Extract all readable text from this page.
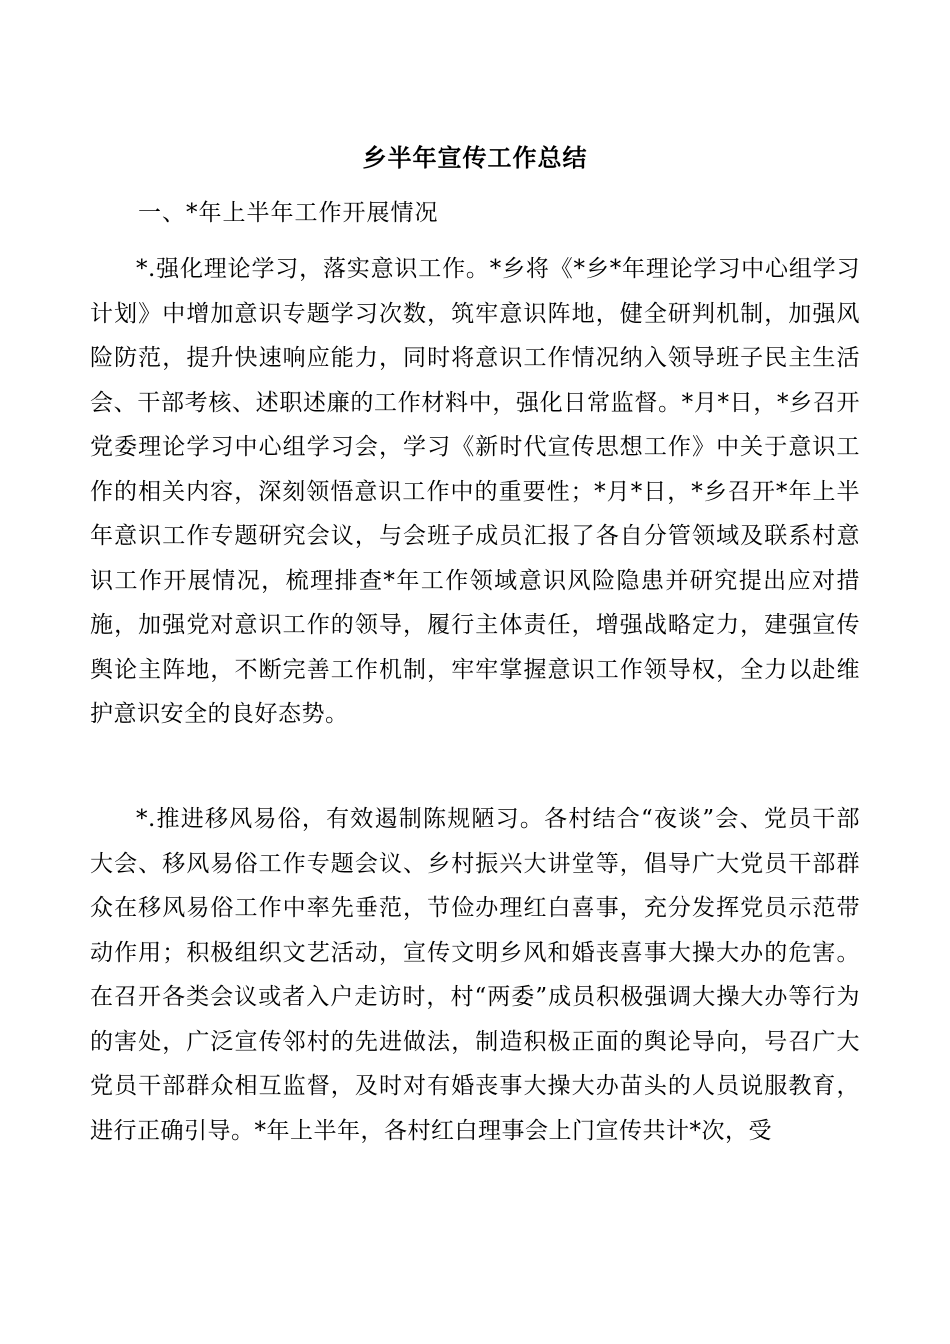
乡半年宣传工作总结

一、*年上半年工作开展情况

*.强化理论学习，落实意识工作。*乡将《*乡*年理论学习中心组学习计划》中增加意识专题学习次数，筑牢意识阵地，健全研判机制，加强风险防范，提升快速响应能力，同时将意识工作情况纳入领导班子民主生活会、干部考核、述职述廉的工作材料中，强化日常监督。*月*日，*乡召开党委理论学习中心组学习会，学习《新时代宣传思想工作》中关于意识工作的相关内容，深刻领悟意识工作中的重要性；*月*日，*乡召开*年上半年意识工作专题研究会议，与会班子成员汇报了各自分管领域及联系村意识工作开展情况，梳理排查*年工作领域意识风险隐患并研究提出应对措施，加强党对意识工作的领导，履行主体责任，增强战略定力，建强宣传舆论主阵地，不断完善工作机制，牢牢掌握意识工作领导权，全力以赴维护意识安全的良好态势。

*.推进移风易俗，有效遏制陈规陋习。各村结合“夜谈”会、党员干部大会、移风易俗工作专题会议、乡村振兴大讲堂等，倡导广大党员干部群众在移风易俗工作中率先垂范，节俭办理红白喜事，充分发挥党员示范带动作用；积极组织文艺活动，宣传文明乡风和婚丧喜事大操大办的危害。在召开各类会议或者入户走访时，村“两委”成员积极强调大操大办等行为的害处，广泛宣传邻村的先进做法，制造积极正面的舆论导向，号召广大党员干部群众相互监督，及时对有婚丧事大操大办苗头的人员说服教育，进行正确引导。*年上半年，各村红白理事会上门宣传共计*次，受
